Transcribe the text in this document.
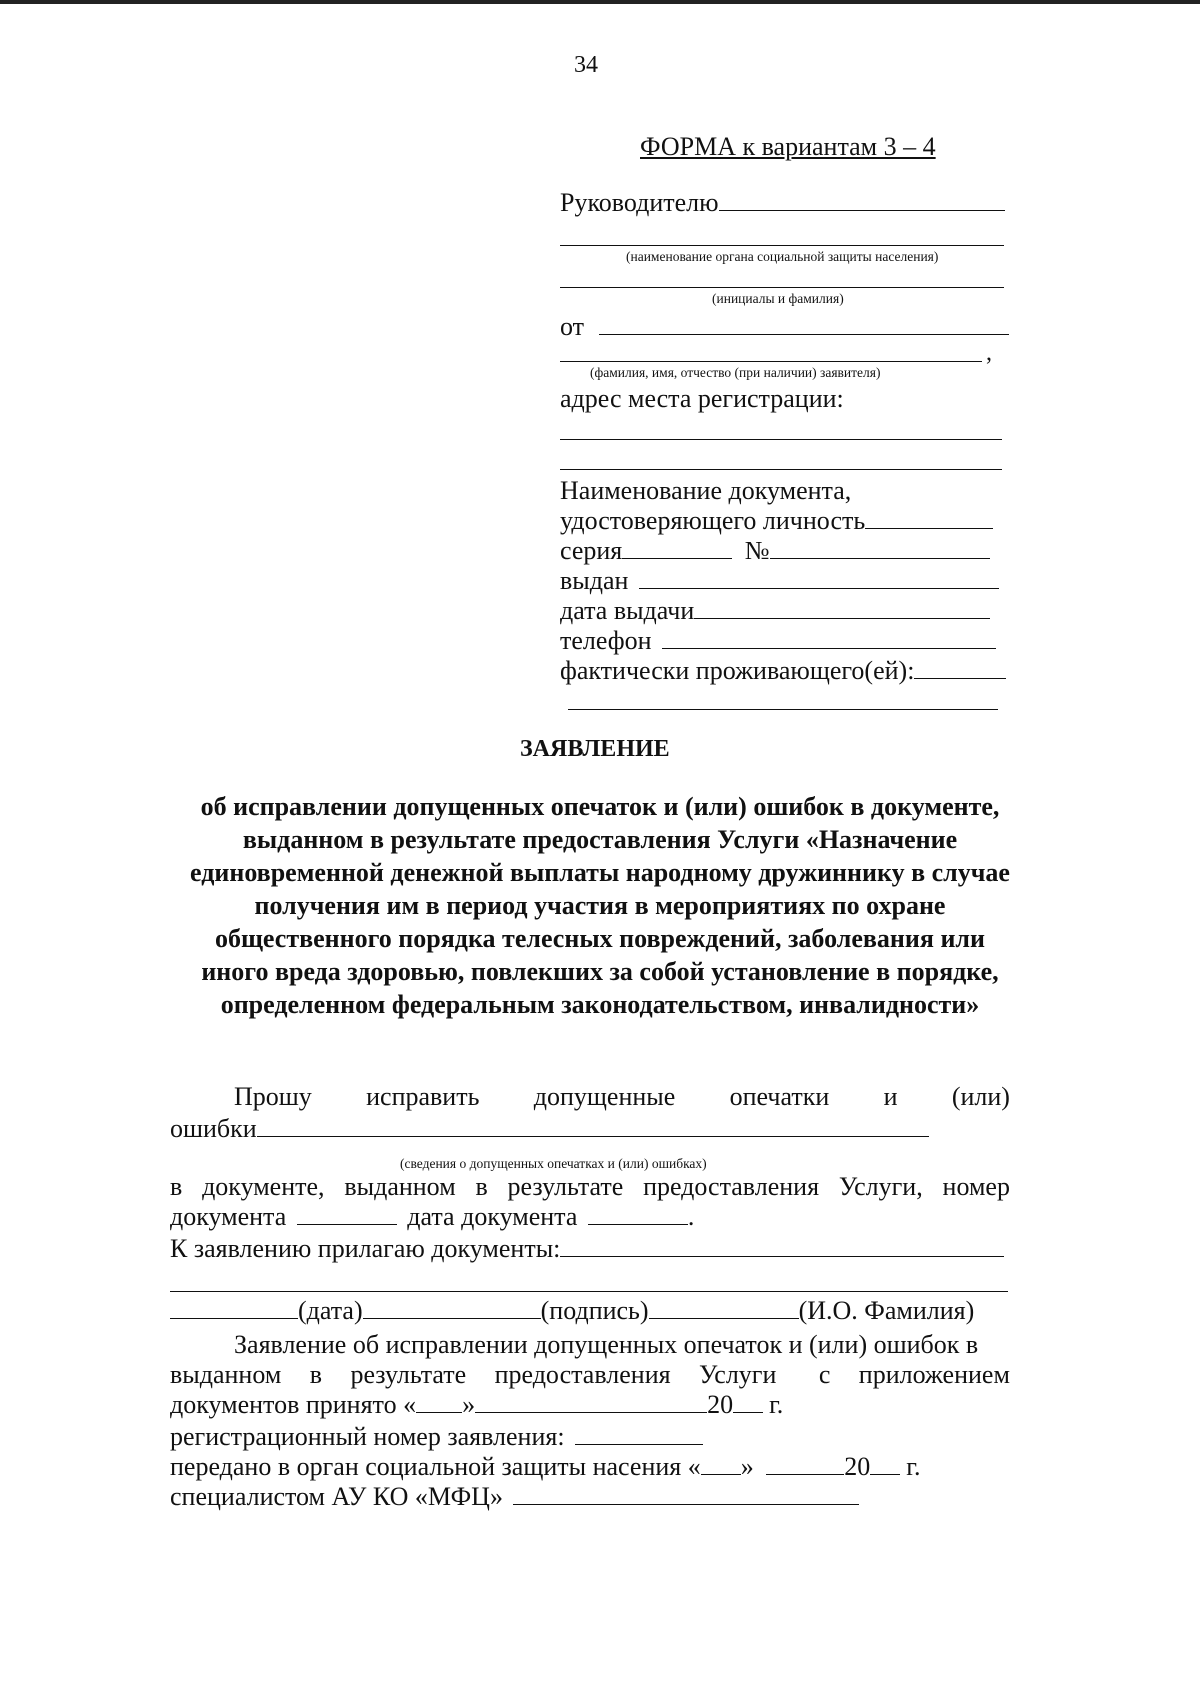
34
ФОРМА к вариантам 3 – 4
Руководителю
(наименование органа социальной защиты населения)
(инициалы и фамилия)
от
,
(фамилия, имя, отчество (при наличии) заявителя)
адрес места регистрации:
Наименование документа,
удостоверяющего личность
серия	№
выдан
дата выдачи
телефон
фактически проживающего(ей):
ЗАЯВЛЕНИЕ
об исправлении допущенных опечаток и (или) ошибок в документе,
выданном в результате предоставления Услуги «Назначение
единовременной денежной выплаты народному дружиннику в случае
получения им в период участия в мероприятиях по охране
общественного порядка телесных повреждений, заболевания или
иного вреда здоровью, повлекших за собой установление в порядке,
определенном федеральным законодательством, инвалидности»
Прошу исправить допущенные опечатки и (или)
ошибки
(сведения о допущенных опечатках и (или) ошибках)
в документе, выданном в результате предоставления Услуги, номер
документа	дата документа	.
К заявлению прилагаю документы:
(дата)	(подпись)	(И.О. Фамилия)
Заявление об исправлении допущенных опечаток и (или) ошибок в
выданном в результате предоставления Услуги с приложением
документов принято « »	20 г.
регистрационный номер заявления:
передано в орган социальной защиты насения « »	20 г.
специалистом АУ КО «МФЦ»
